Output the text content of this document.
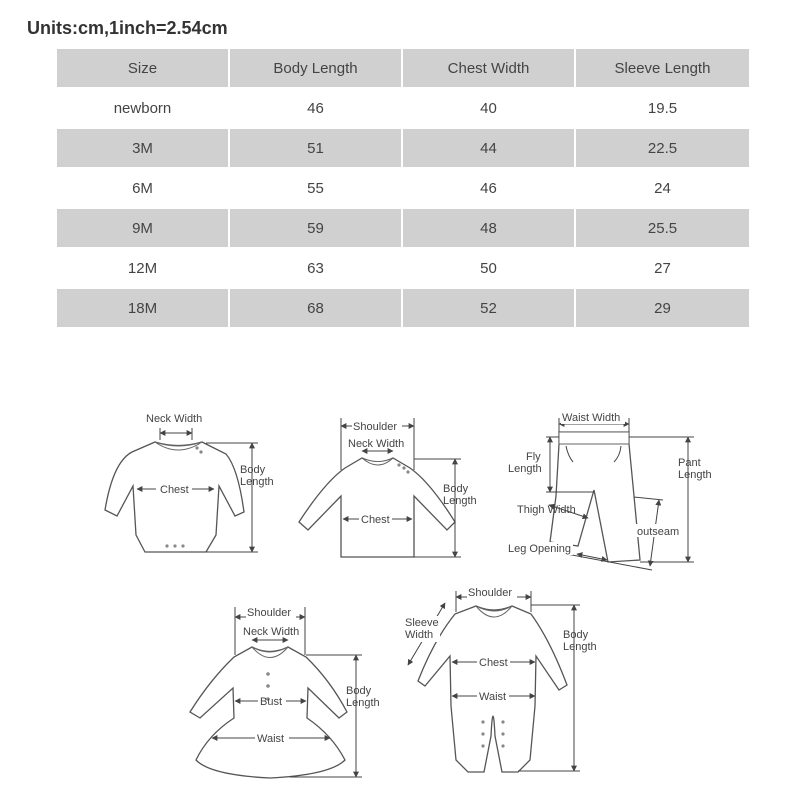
Units:cm,1inch=2.54cm
Size	Body Length	Chest Width	Sleeve Length
newborn	46	40	19.5
3M	51	44	22.5
6M	55	46	24
9M	59	48	25.5
12M	63	50	27
18M	68	52	29
Neck Width
Chest
Body
Length
Shoulder
Neck Width
Chest
Body
Length
Waist Width
Fly
Length	Pant
Length
Thigh Width
outseam
Leg Opening
Shoulder
Neck Width
Bust
Waist
Body
Length
Shoulder
Sleeve
Width
Chest
Waist
Body
Length
